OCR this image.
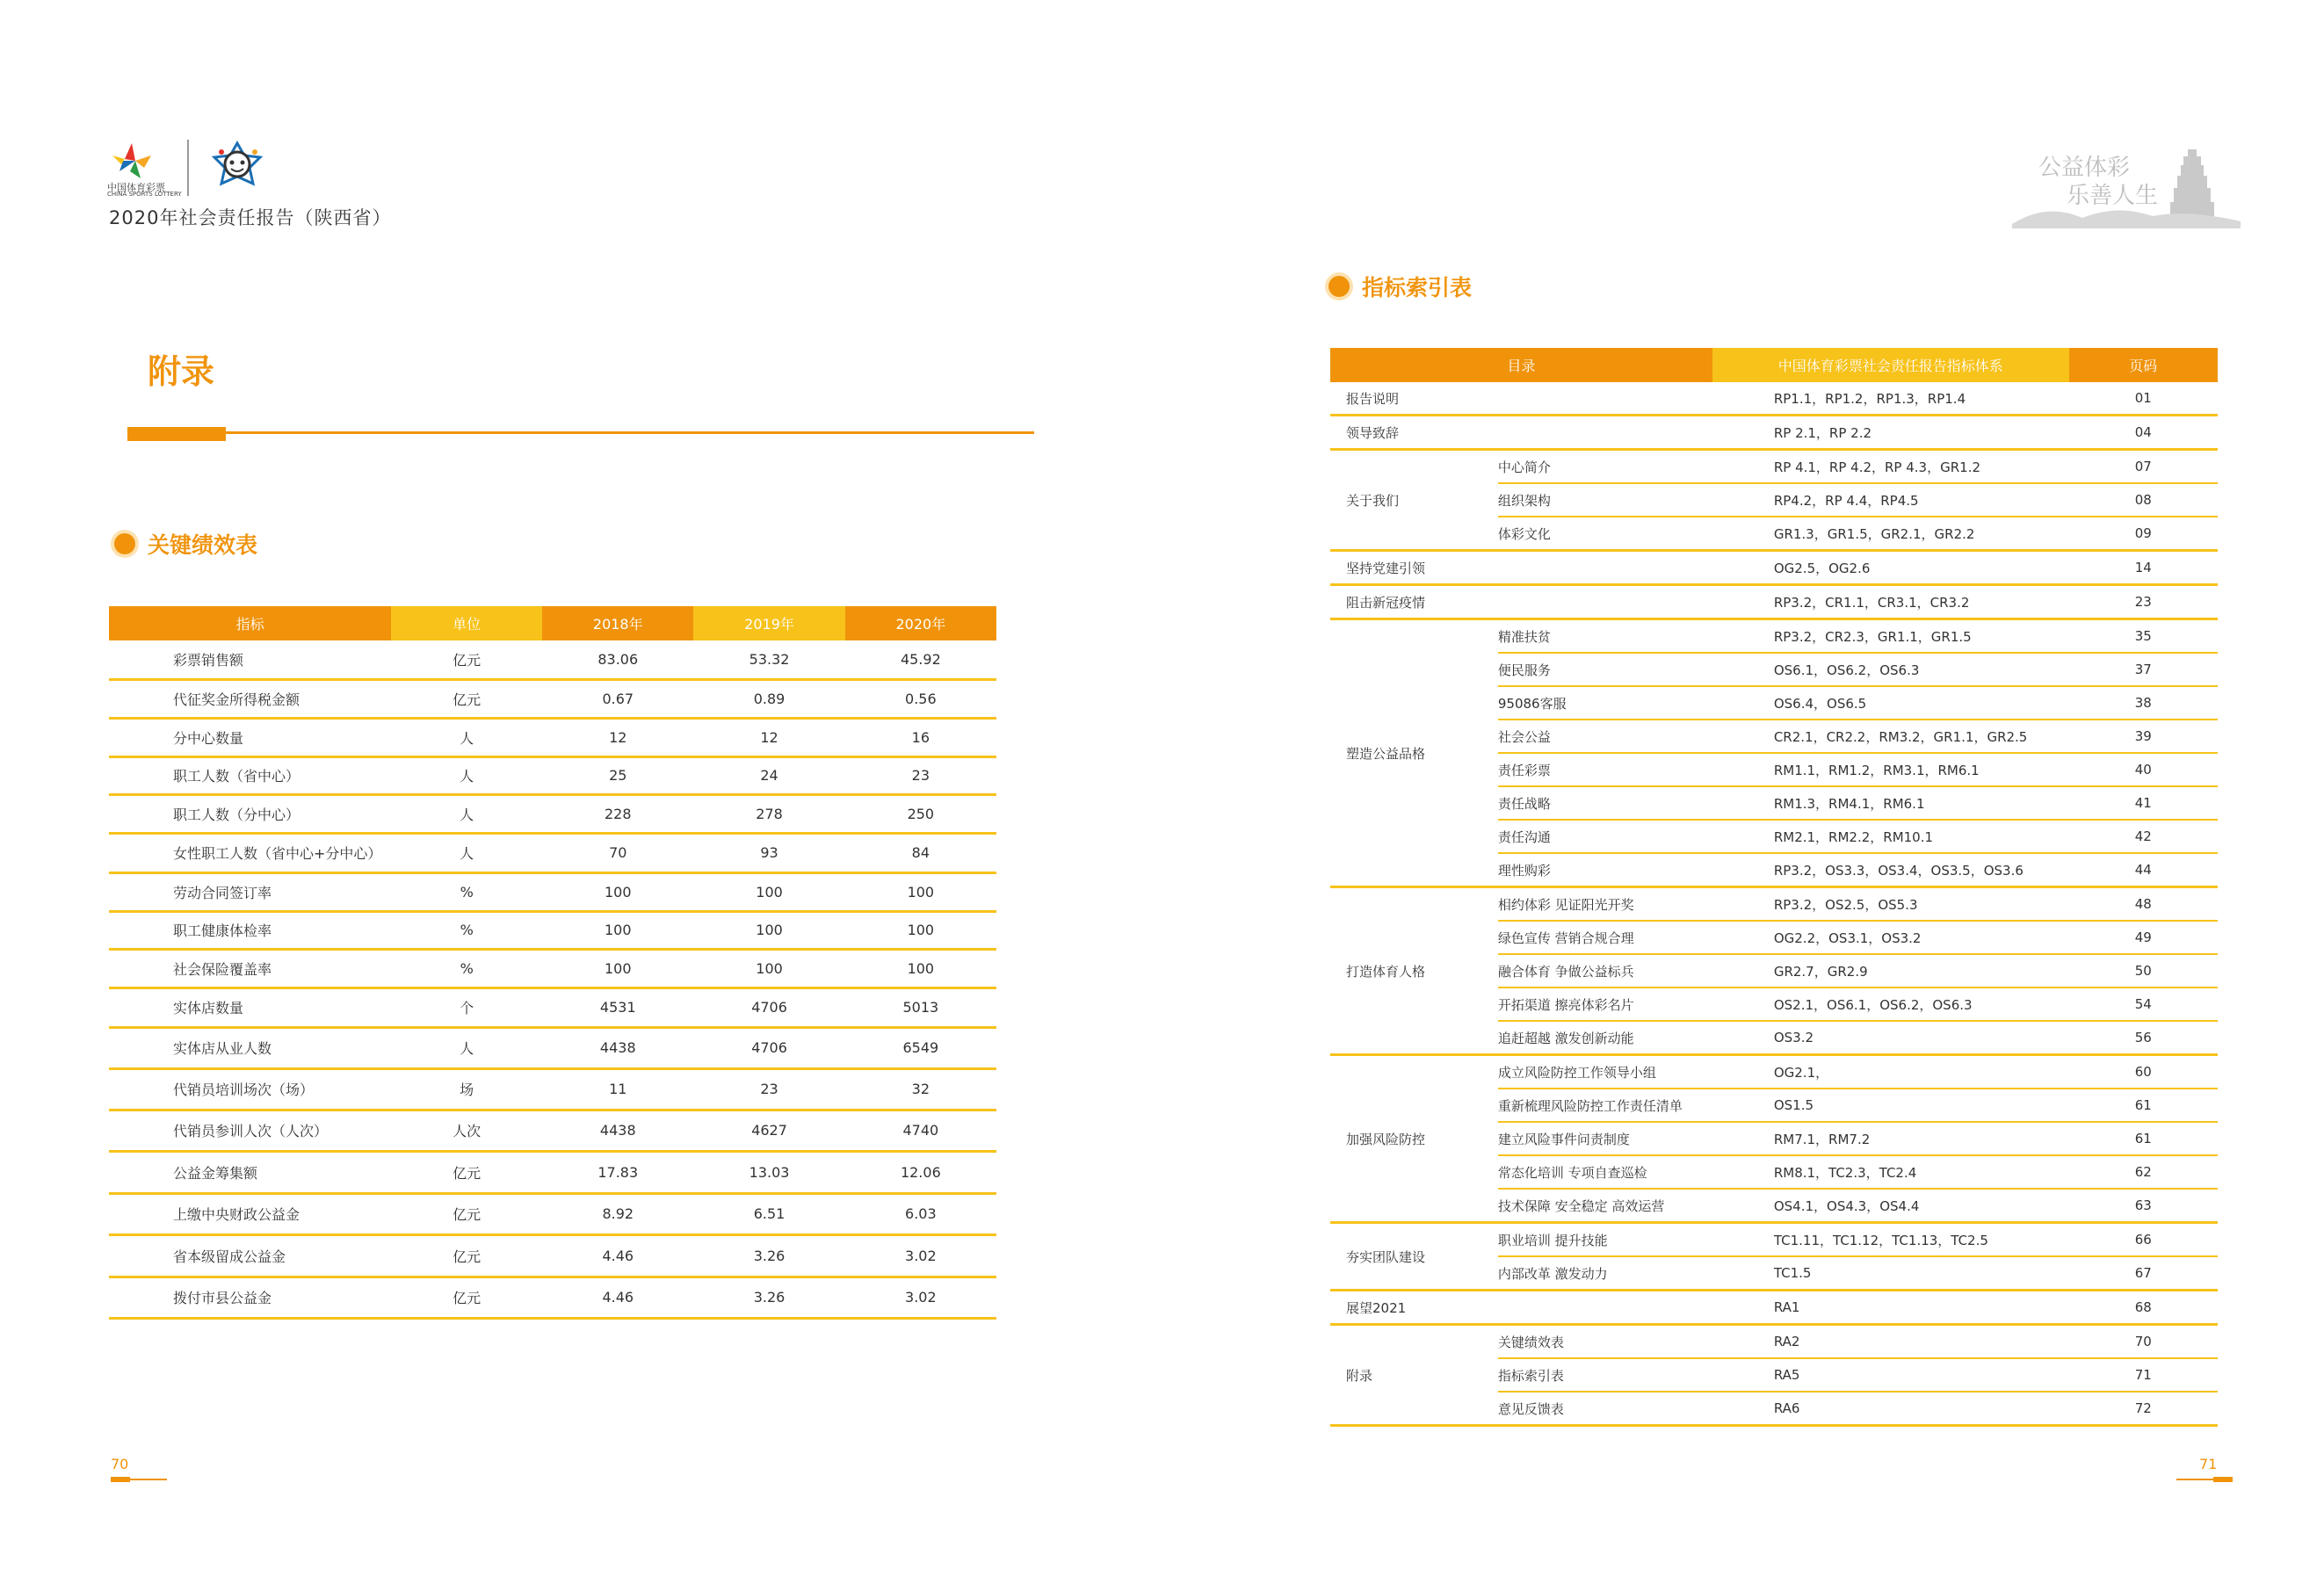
中国体育彩票
CHINA SPORTS LOTTERY
2020年社会责任报告（陕西省）
公益体彩
乐善人生
附录
关键绩效表
指标	单位	2018年	2019年	2020年
彩票销售额	亿元	83.06	53.32	45.92
代征奖金所得税金额	亿元	0.67	0.89	0.56
分中心数量	人	12	12	16
职工人数（省中心）	人	25	24	23
职工人数（分中心）	人	228	278	250
女性职工人数（省中心+分中心）	人	70	93	84
劳动合同签订率	%	100	100	100
职工健康体检率	%	100	100	100
社会保险覆盖率	%	100	100	100
实体店数量	个	4531	4706	5013
实体店从业人数	人	4438	4706	6549
代销员培训场次（场）	场	11	23	32
代销员参训人次（人次）	人次	4438	4627	4740
公益金筹集额	亿元	17.83	13.03	12.06
上缴中央财政公益金	亿元	8.92	6.51	6.03
省本级留成公益金	亿元	4.46	3.26	3.02
拨付市县公益金	亿元	4.46	3.26	3.02
70
指标索引表
目录		中国体育彩票社会责任报告指标体系	页码
报告说明		RP1.1，RP1.2，RP1.3，RP1.4	01
领导致辞		RP 2.1，RP 2.2	04
关于我们	中心简介	RP 4.1，RP 4.2，RP 4.3，GR1.2	07
	组织架构	RP4.2，RP 4.4，RP4.5	08
	体彩文化	GR1.3，GR1.5，GR2.1，GR2.2	09
坚持党建引领		OG2.5，OG2.6	14
阻击新冠疫情		RP3.2，CR1.1，CR3.1，CR3.2	23
塑造公益品格	精准扶贫	RP3.2，CR2.3，GR1.1，GR1.5	35
	便民服务	OS6.1，OS6.2，OS6.3	37
	95086客服	OS6.4，OS6.5	38
	社会公益	CR2.1，CR2.2，RM3.2，GR1.1，GR2.5	39
	责任彩票	RM1.1，RM1.2，RM3.1，RM6.1	40
	责任战略	RM1.3，RM4.1，RM6.1	41
	责任沟通	RM2.1，RM2.2，RM10.1	42
	理性购彩	RP3.2，OS3.3，OS3.4，OS3.5，OS3.6	44
打造体育人格	相约体彩 见证阳光开奖	RP3.2，OS2.5，OS5.3	48
	绿色宣传 营销合规合理	OG2.2，OS3.1，OS3.2	49
	融合体育 争做公益标兵	GR2.7，GR2.9	50
	开拓渠道 擦亮体彩名片	OS2.1，OS6.1，OS6.2，OS6.3	54
	追赶超越 激发创新动能	OS3.2	56
加强风险防控	成立风险防控工作领导小组	OG2.1，	60
	重新梳理风险防控工作责任清单	OS1.5	61
	建立风险事件问责制度	RM7.1，RM7.2	61
	常态化培训 专项自查巡检	RM8.1，TC2.3，TC2.4	62
	技术保障 安全稳定 高效运营	OS4.1，OS4.3，OS4.4	63
夯实团队建设	职业培训 提升技能	TC1.11，TC1.12，TC1.13，TC2.5	66
	内部改革 激发动力	TC1.5	67
展望2021		RA1	68
附录	关键绩效表	RA2	70
	指标索引表	RA5	71
	意见反馈表	RA6	72
71
